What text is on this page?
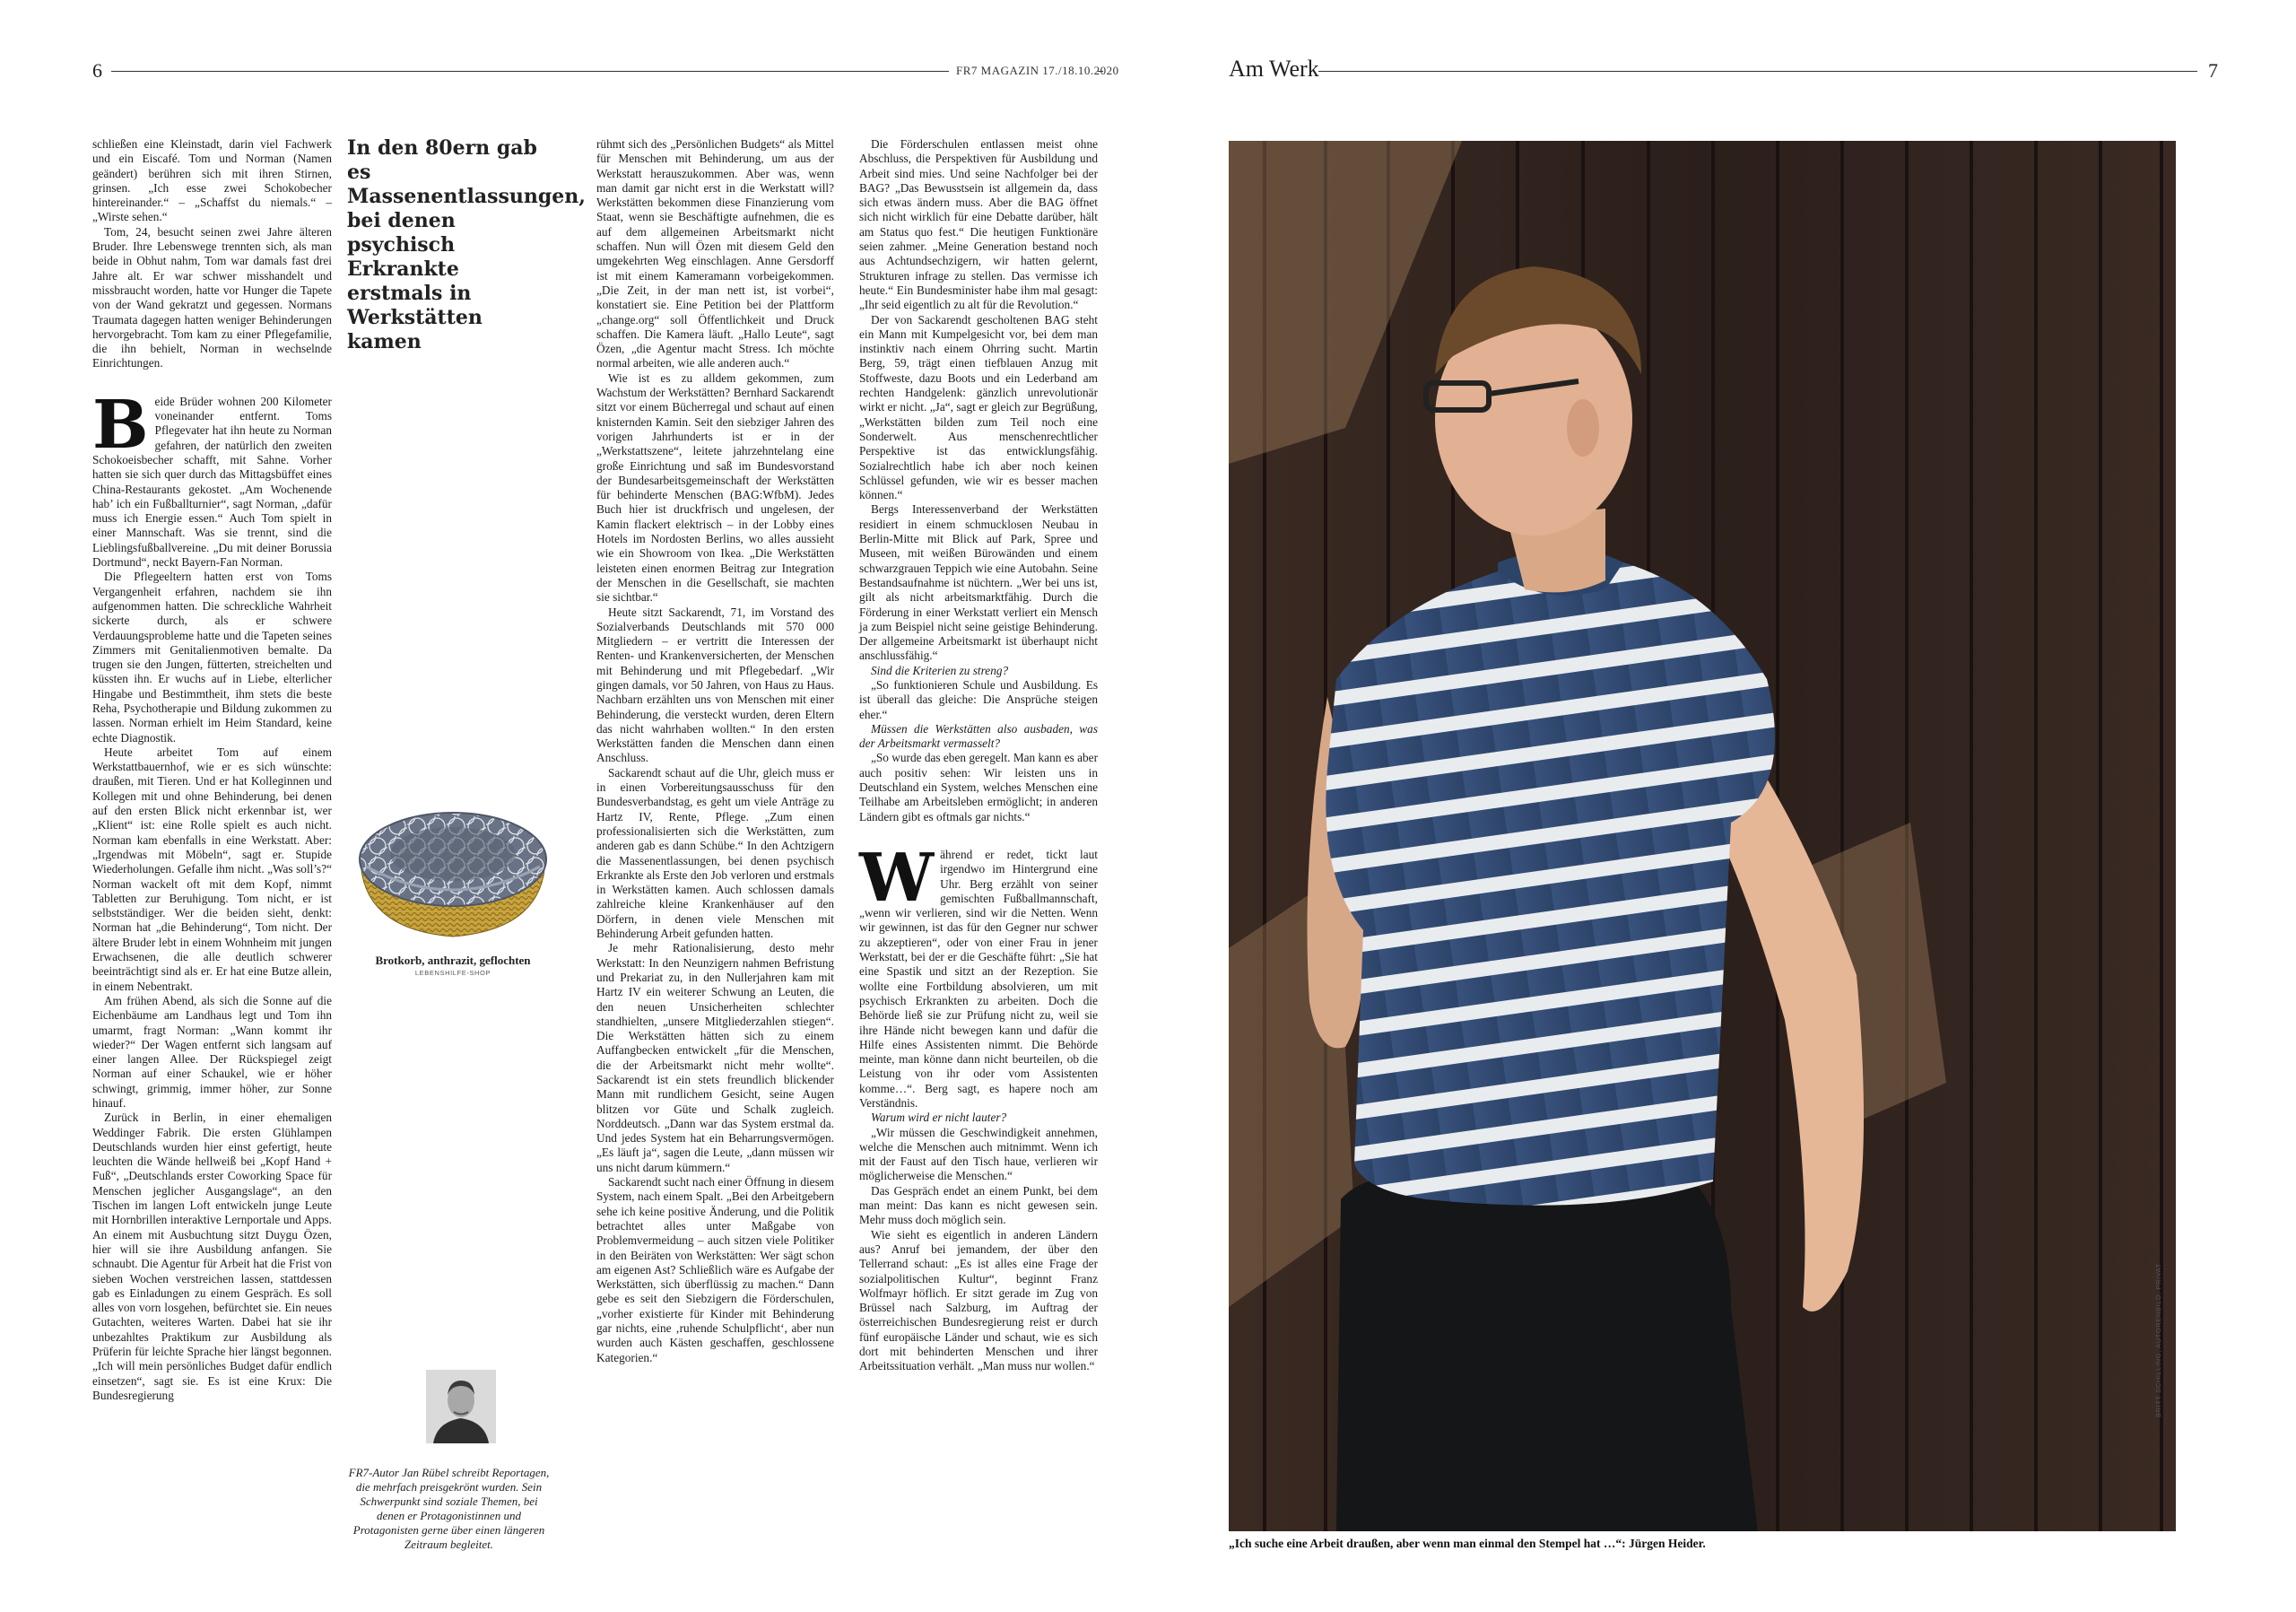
6	FR7 MAGAZIN 17./18.10.2020	Am Werk	7

schließen eine Kleinstadt, darin viel Fachwerk und ein Eiscafé. Tom und Norman (Namen geändert) berühren sich mit ihren Stirnen, grinsen. „Ich esse zwei Schokobecher hintereinander.“ – „Schaffst du niemals.“ – „Wirste sehen.“

Tom, 24, besucht seinen zwei Jahre älteren Bruder. Ihre Lebenswege trennten sich, als man beide in Obhut nahm, Tom war damals fast drei Jahre alt. Er war schwer misshandelt und missbraucht worden, hatte vor Hunger die Tapete von der Wand gekratzt und gegessen. Normans Traumata dagegen hatten weniger Behinderungen hervorgebracht. Tom kam zu einer Pflegefamilie, die ihn behielt, Norman in wechselnde Einrichtungen.

Beide Brüder wohnen 200 Kilometer voneinander entfernt. Toms Pflegevater hat ihn heute zu Norman gefahren, der natürlich den zweiten Schokoeisbecher schafft, mit Sahne. Vorher hatten sie sich quer durch das Mittagsbüffet eines China-Restaurants gekostet. „Am Wochenende hab’ ich ein Fußballturnier“, sagt Norman, „dafür muss ich Energie essen.“ Auch Tom spielt in einer Mannschaft. Was sie trennt, sind die Lieblingsfußballvereine. „Du mit deiner Borussia Dortmund“, neckt Bayern-Fan Norman.

Die Pflegeeltern hatten erst von Toms Vergangenheit erfahren, nachdem sie ihn aufgenommen hatten. Die schreckliche Wahrheit sickerte durch, als er schwere Verdauungsprobleme hatte und die Tapeten seines Zimmers mit Genitalienmotiven bemalte. Da trugen sie den Jungen, fütterten, streichelten und küssten ihn. Er wuchs auf in Liebe, elterlicher Hingabe und Bestimmtheit, ihm stets die beste Reha, Psychotherapie und Bildung zukommen zu lassen. Norman erhielt im Heim Standard, keine echte Diagnostik.

Heute arbeitet Tom auf einem Werkstattbauernhof, wie er es sich wünschte: draußen, mit Tieren. Und er hat Kolleginnen und Kollegen mit und ohne Behinderung, bei denen auf den ersten Blick nicht erkennbar ist, wer „Klient“ ist: eine Rolle spielt es auch nicht. Norman kam ebenfalls in eine Werkstatt. Aber: „Irgendwas mit Möbeln“, sagt er. Stupide Wiederholungen. Gefalle ihm nicht. „Was soll’s?“ Norman wackelt oft mit dem Kopf, nimmt Tabletten zur Beruhigung. Tom nicht, er ist selbstständiger. Wer die beiden sieht, denkt: Norman hat „die Behinderung“, Tom nicht. Der ältere Bruder lebt in einem Wohnheim mit jungen Erwachsenen, die alle deutlich schwerer beeinträchtigt sind als er. Er hat eine Butze allein, in einem Nebentrakt.

Am frühen Abend, als sich die Sonne auf die Eichenbäume am Landhaus legt und Tom ihn umarmt, fragt Norman: „Wann kommt ihr wieder?“ Der Wagen entfernt sich langsam auf einer langen Allee. Der Rückspiegel zeigt Norman auf einer Schaukel, wie er höher schwingt, grimmig, immer höher, zur Sonne hinauf.

Zurück in Berlin, in einer ehemaligen Weddinger Fabrik. Die ersten Glühlampen Deutschlands wurden hier einst gefertigt, heute leuchten die Wände hellweiß bei „Kopf Hand + Fuß“, „Deutschlands erster Coworking Space für Menschen jeglicher Ausgangslage“, an den Tischen im langen Loft entwickeln junge Leute mit Hornbrillen interaktive Lernportale und Apps. An einem mit Ausbuchtung sitzt Duygu Özen, hier will sie ihre Ausbildung anfangen. Sie schnaubt. Die Agentur für Arbeit hat die Frist von sieben Wochen verstreichen lassen, stattdessen gab es Einladungen zu einem Gespräch. Es soll alles von vorn losgehen, befürchtet sie. Ein neues Gutachten, weiteres Warten. Dabei hat sie ihr unbezahltes Praktikum zur Ausbildung als Prüferin für leichte Sprache hier längst begonnen. „Ich will mein persönliches Budget dafür endlich einsetzen“, sagt sie. Es ist eine Krux: Die Bundesregierung

In den 80ern gab es Massenentlassungen, bei denen psychisch Erkrankte erstmals in Werkstätten kamen
Brotkorb, anthrazit, geflochten
LEBENSHILFE-SHOP
FR7-Autor Jan Rübel schreibt Reportagen, die mehrfach preisgekrönt wurden. Sein Schwerpunkt sind soziale Themen, bei denen er Protagonistinnen und Protagonisten gerne über einen längeren Zeitraum begleitet.

rühmt sich des „Persönlichen Budgets“ als Mittel für Menschen mit Behinderung, um aus der Werkstatt herauszukommen. Aber was, wenn man damit gar nicht erst in die Werkstatt will? Werkstätten bekommen diese Finanzierung vom Staat, wenn sie Beschäftigte aufnehmen, die es auf dem allgemeinen Arbeitsmarkt nicht schaffen. Nun will Özen mit diesem Geld den umgekehrten Weg einschlagen. Anne Gersdorff ist mit einem Kameramann vorbeigekommen. „Die Zeit, in der man nett ist, ist vorbei“, konstatiert sie. Eine Petition bei der Plattform „change.org“ soll Öffentlichkeit und Druck schaffen. Die Kamera läuft. „Hallo Leute“, sagt Özen, „die Agentur macht Stress. Ich möchte normal arbeiten, wie alle anderen auch.“

Wie ist es zu alldem gekommen, zum Wachstum der Werkstätten? Bernhard Sackarendt sitzt vor einem Bücherregal und schaut auf einen knisternden Kamin. Seit den siebziger Jahren des vorigen Jahrhunderts ist er in der „Werkstattszene“, leitete jahrzehntelang eine große Einrichtung und saß im Bundesvorstand der Bundesarbeitsgemeinschaft der Werkstätten für behinderte Menschen (BAG:WfbM). Jedes Buch hier ist druckfrisch und ungelesen, der Kamin flackert elektrisch – in der Lobby eines Hotels im Nordosten Berlins, wo alles aussieht wie ein Showroom von Ikea. „Die Werkstätten leisteten einen enormen Beitrag zur Integration der Menschen in die Gesellschaft, sie machten sie sichtbar.“

Heute sitzt Sackarendt, 71, im Vorstand des Sozialverbands Deutschlands mit 570 000 Mitgliedern – er vertritt die Interessen der Renten- und Krankenversicherten, der Menschen mit Behinderung und mit Pflegebedarf. „Wir gingen damals, vor 50 Jahren, von Haus zu Haus. Nachbarn erzählten uns von Menschen mit einer Behinderung, die versteckt wurden, deren Eltern das nicht wahrhaben wollten.“ In den ersten Werkstätten fanden die Menschen dann einen Anschluss.

Sackarendt schaut auf die Uhr, gleich muss er in einen Vorbereitungsausschuss für den Bundesverbandstag, es geht um viele Anträge zu Hartz IV, Rente, Pflege. „Zum einen professionalisierten sich die Werkstätten, zum anderen gab es dann Schübe.“ In den Achtzigern die Massenentlassungen, bei denen psychisch Erkrankte als Erste den Job verloren und erstmals in Werkstätten kamen. Auch schlossen damals zahlreiche kleine Krankenhäuser auf den Dörfern, in denen viele Menschen mit Behinderung Arbeit gefunden hatten.

Je mehr Rationalisierung, desto mehr Werkstatt: In den Neunzigern nahmen Befristung und Prekariat zu, in den Nullerjahren kam mit Hartz IV ein weiterer Schwung an Leuten, die den neuen Unsicherheiten schlechter standhielten, „unsere Mitgliederzahlen stiegen“. Die Werkstätten hätten sich zu einem Auffangbecken entwickelt „für die Menschen, die der Arbeitsmarkt nicht mehr wollte“. Sackarendt ist ein stets freundlich blickender Mann mit rundlichem Gesicht, seine Augen blitzen vor Güte und Schalk zugleich. Norddeutsch. „Dann war das System erstmal da. Und jedes System hat ein Beharrungsvermögen. „Es läuft ja“, sagen die Leute, „dann müssen wir uns nicht darum kümmern.“

Sackarendt sucht nach einer Öffnung in diesem System, nach einem Spalt. „Bei den Arbeitgebern sehe ich keine positive Änderung, und die Politik betrachtet alles unter Maßgabe von Problemvermeidung – auch sitzen viele Politiker in den Beiräten von Werkstätten: Wer sägt schon am eigenen Ast? Schließlich wäre es Aufgabe der Werkstätten, sich überflüssig zu machen.“ Dann gebe es seit den Siebzigern die Förderschulen, „vorher existierte für Kinder mit Behinderung gar nichts, eine ‚ruhende Schulpflicht‘, aber nun wurden auch Kästen geschaffen, geschlossene Kategorien.“

Die Förderschulen entlassen meist ohne Abschluss, die Perspektiven für Ausbildung und Arbeit sind mies. Und seine Nachfolger bei der BAG? „Das Bewusstsein ist allgemein da, dass sich etwas ändern muss. Aber die BAG öffnet sich nicht wirklich für eine Debatte darüber, hält am Status quo fest.“ Die heutigen Funktionäre seien zahmer. „Meine Generation bestand noch aus Achtundsechzigern, wir hatten gelernt, Strukturen infrage zu stellen. Das vermisse ich heute.“ Ein Bundesminister habe ihm mal gesagt: „Ihr seid eigentlich zu alt für die Revolution.“

Der von Sackarendt gescholtenen BAG steht ein Mann mit Kumpelgesicht vor, bei dem man instinktiv nach einem Ohrring sucht. Martin Berg, 59, trägt einen tiefblauen Anzug mit Stoffweste, dazu Boots und ein Lederband am rechten Handgelenk: gänzlich unrevolutionär wirkt er nicht. „Ja“, sagt er gleich zur Begrüßung, „Werkstätten bilden zum Teil noch eine Sonderwelt. Aus menschenrechtlicher Perspektive ist das entwicklungsfähig. Sozialrechtlich habe ich aber noch keinen Schlüssel gefunden, wie wir es besser machen können.“

Bergs Interessenverband der Werkstätten residiert in einem schmucklosen Neubau in Berlin-Mitte mit Blick auf Park, Spree und Museen, mit weißen Bürowänden und einem schwarzgrauen Teppich wie eine Autobahn. Seine Bestandsaufnahme ist nüchtern. „Wer bei uns ist, gilt als nicht arbeitsmarktfähig. Durch die Förderung in einer Werkstatt verliert ein Mensch ja zum Beispiel nicht seine geistige Behinderung. Der allgemeine Arbeitsmarkt ist überhaupt nicht anschlussfähig.“

Sind die Kriterien zu streng?

„So funktionieren Schule und Ausbildung. Es ist überall das gleiche: Die Ansprüche steigen eher.“

Müssen die Werkstätten also ausbaden, was der Arbeitsmarkt vermasselt?

„So wurde das eben geregelt. Man kann es aber auch positiv sehen: Wir leisten uns in Deutschland ein System, welches Menschen eine Teilhabe am Arbeitsleben ermöglicht; in anderen Ländern gibt es oftmals gar nichts.“

Während er redet, tickt laut irgendwo im Hintergrund eine Uhr. Berg erzählt von seiner gemischten Fußballmannschaft, „wenn wir verlieren, sind wir die Netten. Wenn wir gewinnen, ist das für den Gegner nur schwer zu akzeptieren“, oder von einer Frau in jener Werkstatt, bei der er die Geschäfte führt: „Sie hat eine Spastik und sitzt an der Rezeption. Sie wollte eine Fortbildung absolvieren, um mit psychisch Erkrankten zu arbeiten. Doch die Behörde ließ sie zur Prüfung nicht zu, weil sie ihre Hände nicht bewegen kann und dafür die Hilfe eines Assistenten nimmt. Die Behörde meinte, man könne dann nicht beurteilen, ob die Leistung von ihr oder vom Assistenten komme…“. Berg sagt, es hapere noch am Verständnis.

Warum wird er nicht lauter?

„Wir müssen die Geschwindigkeit annehmen, welche die Menschen auch mitnimmt. Wenn ich mit der Faust auf den Tisch haue, verlieren wir möglicherweise die Menschen.“

Das Gespräch endet an einem Punkt, bei dem man meint: Das kann es nicht gewesen sein. Mehr muss doch möglich sein.

Wie sieht es eigentlich in anderen Ländern aus? Anruf bei jemandem, der über den Tellerrand schaut: „Es ist alles eine Frage der sozialpolitischen Kultur“, beginnt Franz Wolfmayr höflich. Er sitzt gerade im Zug von Brüssel nach Salzburg, im Auftrag der österreichischen Bundesregierung reist er durch fünf europäische Länder und schaut, wie es sich dort mit behinderten Menschen und ihrer Arbeitssituation verhält. „Man muss nur wollen.“

„Ich suche eine Arbeit draußen, aber wenn man einmal den Stempel hat …“: Jürgen Heider.
BRITT SCHILLING, AUTORENBILD: PRIVAT
